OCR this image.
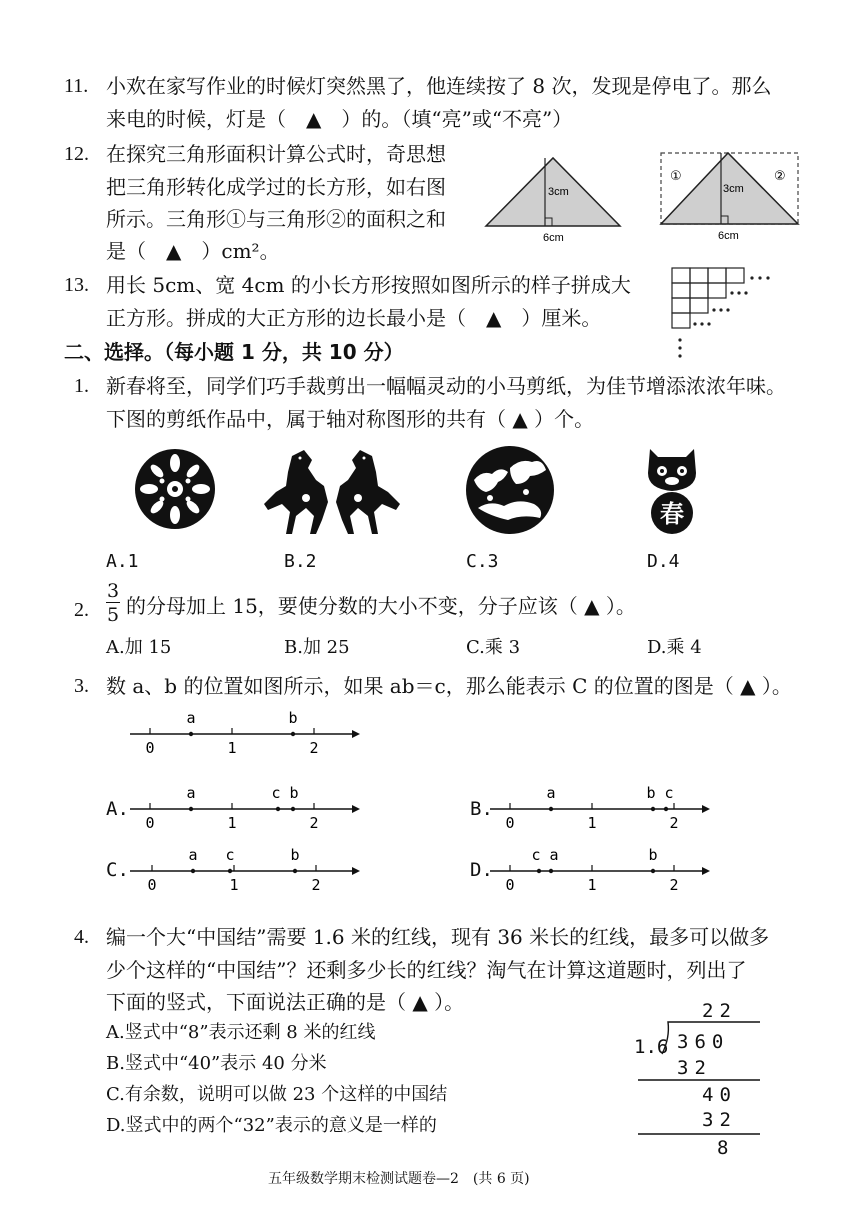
11. 小欢在家写作业的时候灯突然黑了，他连续按了 8 次，发现是停电了。那么
来电的时候，灯是（　▲　）的。（填“亮”或“不亮”）
12. 在探究三角形面积计算公式时，奇思想
把三角形转化成学过的长方形，如右图
所示。三角形①与三角形②的面积之和
是（　▲　）cm²。
3cm
6cm
①	②
3cm
6cm
13. 用长 5cm、宽 4cm 的小长方形按照如图所示的样子拼成大
正方形。拼成的大正方形的边长最小是（　▲　）厘米。
二、选择。（每小题 1 分，共 10 分）
1. 新春将至，同学们巧手裁剪出一幅幅灵动的小马剪纸，为佳节增添浓浓年味。
下图的剪纸作品中，属于轴对称图形的共有（ ▲ ）个。
春
A.1	B.2	C.3	D.4
2.
3
5 的分母加上 15，要使分数的大小不变，分子应该（ ▲ ）。
A.加 15	B.加 25	C.乘 3	D.乘 4
3. 数 a、b 的位置如图所示，如果 ab＝c，那么能表示 C 的位置的图是（ ▲ ）。
a	b
0	1	2
A.
a	c b
0	1	2
B.
a	b c
0	1	2
C.
a c	b
0	1	2
D.
c a	b
0	1	2
4. 编一个大“中国结”需要 1.6 米的红线，现有 36 米长的红线，最多可以做多
少个这样的“中国结”？还剩多少长的红线？淘气在计算这道题时，列出了
下面的竖式，下面说法正确的是（ ▲ ）。
A.竖式中“8”表示还剩 8 米的红线
B.竖式中“40”表示 40 分米
C.有余数，说明可以做 23 个这样的中国结
D.竖式中的两个“32”表示的意义是一样的
22
1.6 360
32
40
32
8
五年级数学期末检测试题卷—2　(共 6 页)
